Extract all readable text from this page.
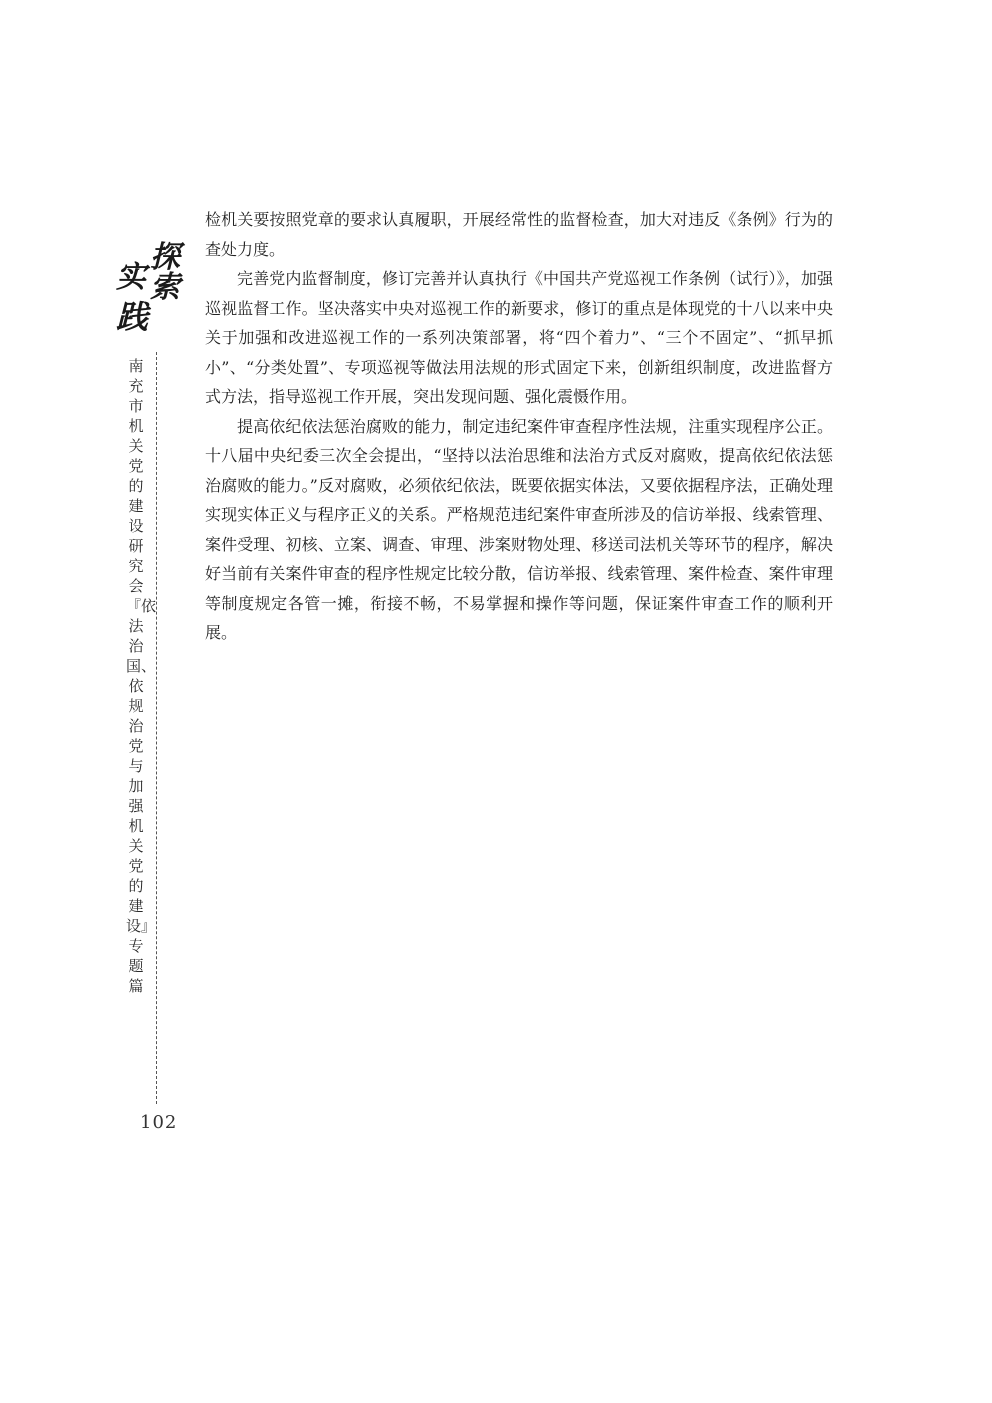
探
索
实
践
南充市机关党的建设研究会『依法治国、依规治党与加强机关党的建设』专题篇
102

检机关要按照党章的要求认真履职，开展经常性的监督检查，加大对违反《条例》行为的查处力度。

完善党内监督制度，修订完善并认真执行《中国共产党巡视工作条例（试行）》，加强巡视监督工作。坚决落实中央对巡视工作的新要求，修订的重点是体现党的十八以来中央关于加强和改进巡视工作的一系列决策部署，将“四个着力”、“三个不固定”、“抓早抓小”、“分类处置”、专项巡视等做法用法规的形式固定下来，创新组织制度，改进监督方式方法，指导巡视工作开展，突出发现问题、强化震慑作用。

提高依纪依法惩治腐败的能力，制定违纪案件审查程序性法规，注重实现程序公正。十八届中央纪委三次全会提出，“坚持以法治思维和法治方式反对腐败，提高依纪依法惩治腐败的能力。”反对腐败，必须依纪依法，既要依据实体法，又要依据程序法，正确处理实现实体正义与程序正义的关系。严格规范违纪案件审查所涉及的信访举报、线索管理、案件受理、初核、立案、调查、审理、涉案财物处理、移送司法机关等环节的程序，解决好当前有关案件审查的程序性规定比较分散，信访举报、线索管理、案件检查、案件审理等制度规定各管一摊，衔接不畅，不易掌握和操作等问题，保证案件审查工作的顺利开展。
